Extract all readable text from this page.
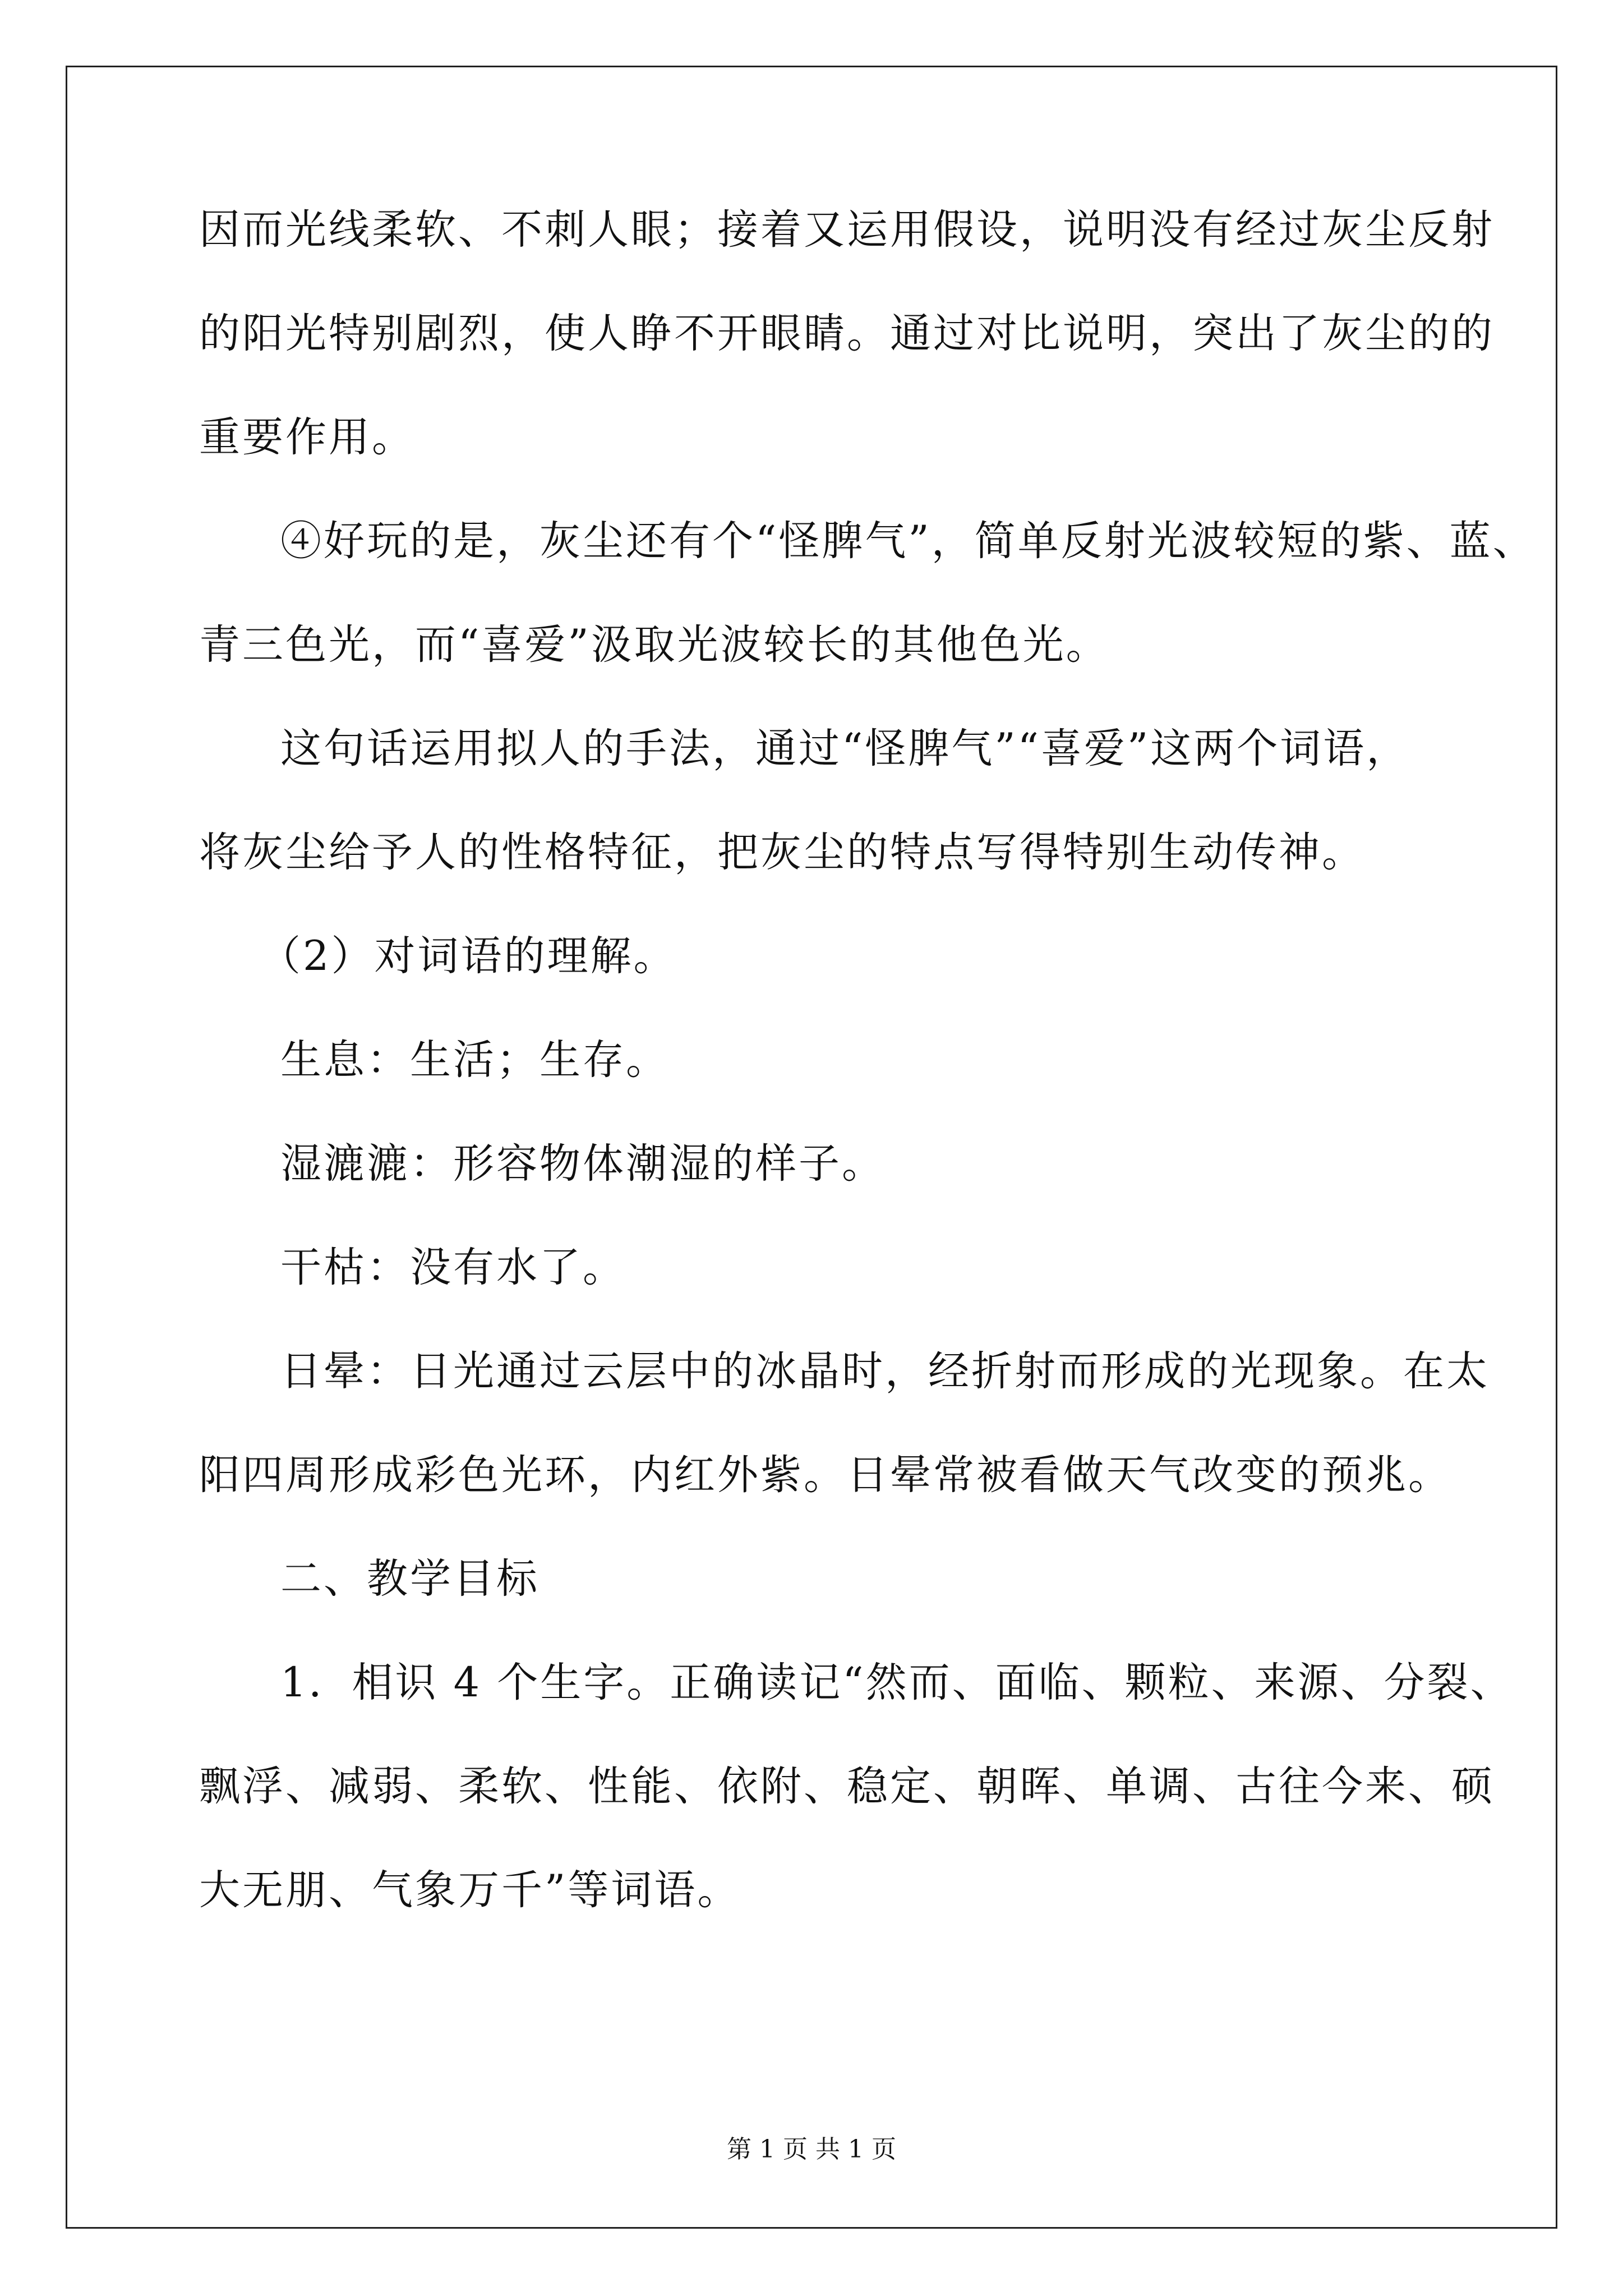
因而光线柔软、不刺人眼；接着又运用假设，说明没有经过灰尘反射
的阳光特别剧烈，使人睁不开眼睛。通过对比说明，突出了灰尘的的
重要作用。
④好玩的是，灰尘还有个“怪脾气”，简单反射光波较短的紫、蓝、
青三色光，而“喜爱”汲取光波较长的其他色光。
这句话运用拟人的手法，通过“怪脾气”“喜爱”这两个词语，
将灰尘给予人的性格特征，把灰尘的特点写得特别生动传神。
（2）对词语的理解。
生息：生活；生存。
湿漉漉：形容物体潮湿的样子。
干枯：没有水了。
日晕：日光通过云层中的冰晶时，经折射而形成的光现象。在太
阳四周形成彩色光环，内红外紫。日晕常被看做天气改变的预兆。
二、教学目标
1．相识 4 个生字。正确读记“然而、面临、颗粒、来源、分裂、
飘浮、减弱、柔软、性能、依附、稳定、朝晖、单调、古往今来、硕
大无朋、气象万千”等词语。
第 1 页 共 1 页
